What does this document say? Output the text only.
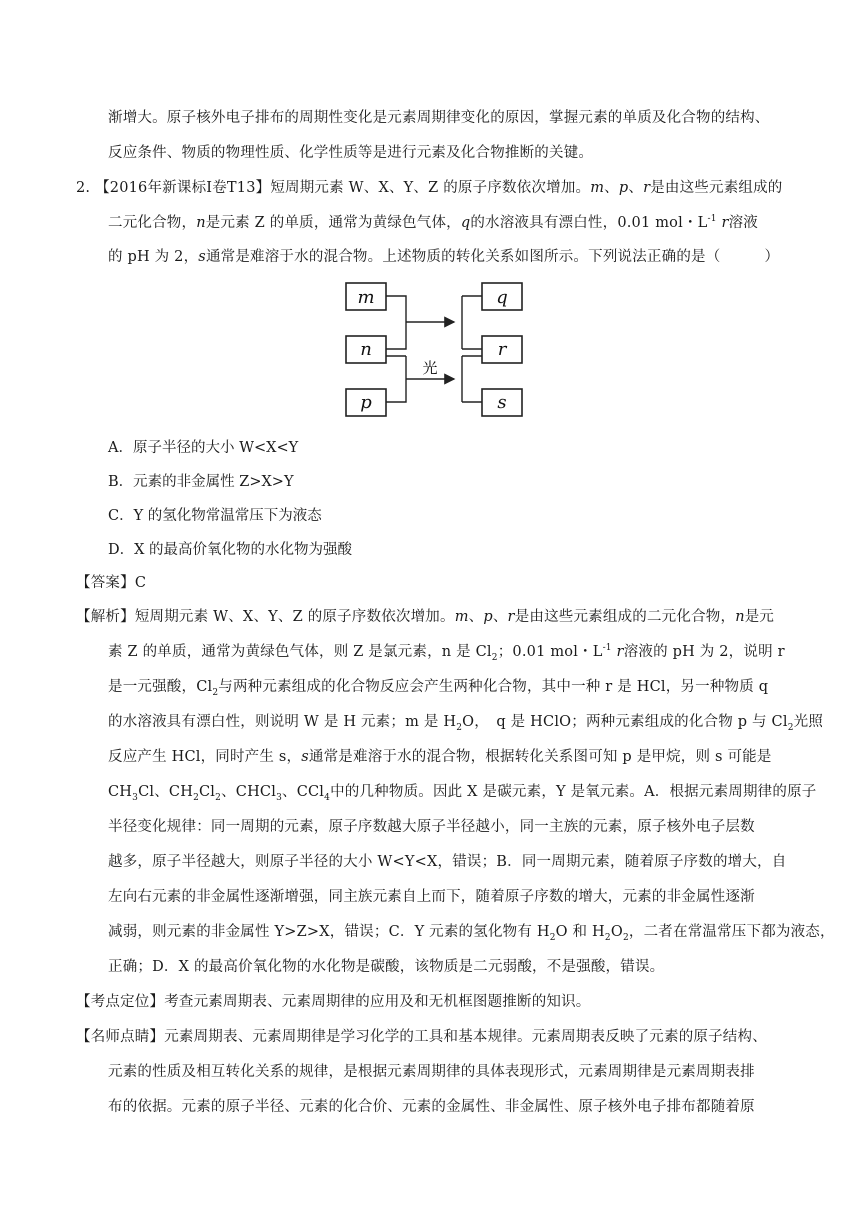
渐增大。原子核外电子排布的周期性变化是元素周期律变化的原因，掌握元素的单质及化合物的结构、
反应条件、物质的物理性质、化学性质等是进行元素及化合物推断的关键。
2. 【2016年新课标Ⅰ卷T13】短周期元素 W、X、Y、Z 的原子序数依次增加。m、p、r是由这些元素组成的
二元化合物，n是元素 Z 的单质，通常为黄绿色气体，q的水溶液具有漂白性，0.01 mol・$L^{-1}$ r溶液
的 pH 为 2，s通常是难溶于水的混合物。上述物质的转化关系如图所示。下列说法正确的是（　　　）
m
n
p
q
r
s
光
A．原子半径的大小 W<X<Y
B．元素的非金属性 Z>X>Y
C．Y 的氢化物常温常压下为液态
D．X 的最高价氧化物的水化物为强酸
【答案】C
【解析】短周期元素 W、X、Y、Z 的原子序数依次增加。m、p、r是由这些元素组成的二元化合物，n是元
素 Z 的单质，通常为黄绿色气体，则 Z 是氯元素，n 是 $Cl_2$；0.01 mol・$L^{-1}$ r溶液的 pH 为 2，说明 r
是一元强酸，$Cl_2$与两种元素组成的化合物反应会产生两种化合物，其中一种 r 是 HCl，另一种物质 q
的水溶液具有漂白性，则说明 W 是 H 元素；m 是 $H_2O$，　q 是 HClO；两种元素组成的化合物 p 与 $Cl_2$光照
反应产生 HCl，同时产生 s，s通常是难溶于水的混合物，根据转化关系图可知 p 是甲烷，则 s 可能是
$CH_3Cl$、$CH_2Cl_2$、CHCl$_3$、CCl$_4$中的几种物质。因此 X 是碳元素，Y 是氧元素。A．根据元素周期律的原子
半径变化规律：同一周期的元素，原子序数越大原子半径越小，同一主族的元素，原子核外电子层数
越多，原子半径越大，则原子半径的大小 W<Y<X，错误；B．同一周期元素，随着原子序数的增大，自
左向右元素的非金属性逐渐增强，同主族元素自上而下，随着原子序数的增大，元素的非金属性逐渐
减弱，则元素的非金属性 Y>Z>X，错误；C．Y 元素的氢化物有 $H_2O$ 和 $H_2O_2$，二者在常温常压下都为液态，
正确；D．X 的最高价氧化物的水化物是碳酸，该物质是二元弱酸，不是强酸，错误。
【考点定位】考查元素周期表、元素周期律的应用及和无机框图题推断的知识。
【名师点睛】元素周期表、元素周期律是学习化学的工具和基本规律。元素周期表反映了元素的原子结构、
元素的性质及相互转化关系的规律，是根据元素周期律的具体表现形式，元素周期律是元素周期表排
布的依据。元素的原子半径、元素的化合价、元素的金属性、非金属性、原子核外电子排布都随着原
